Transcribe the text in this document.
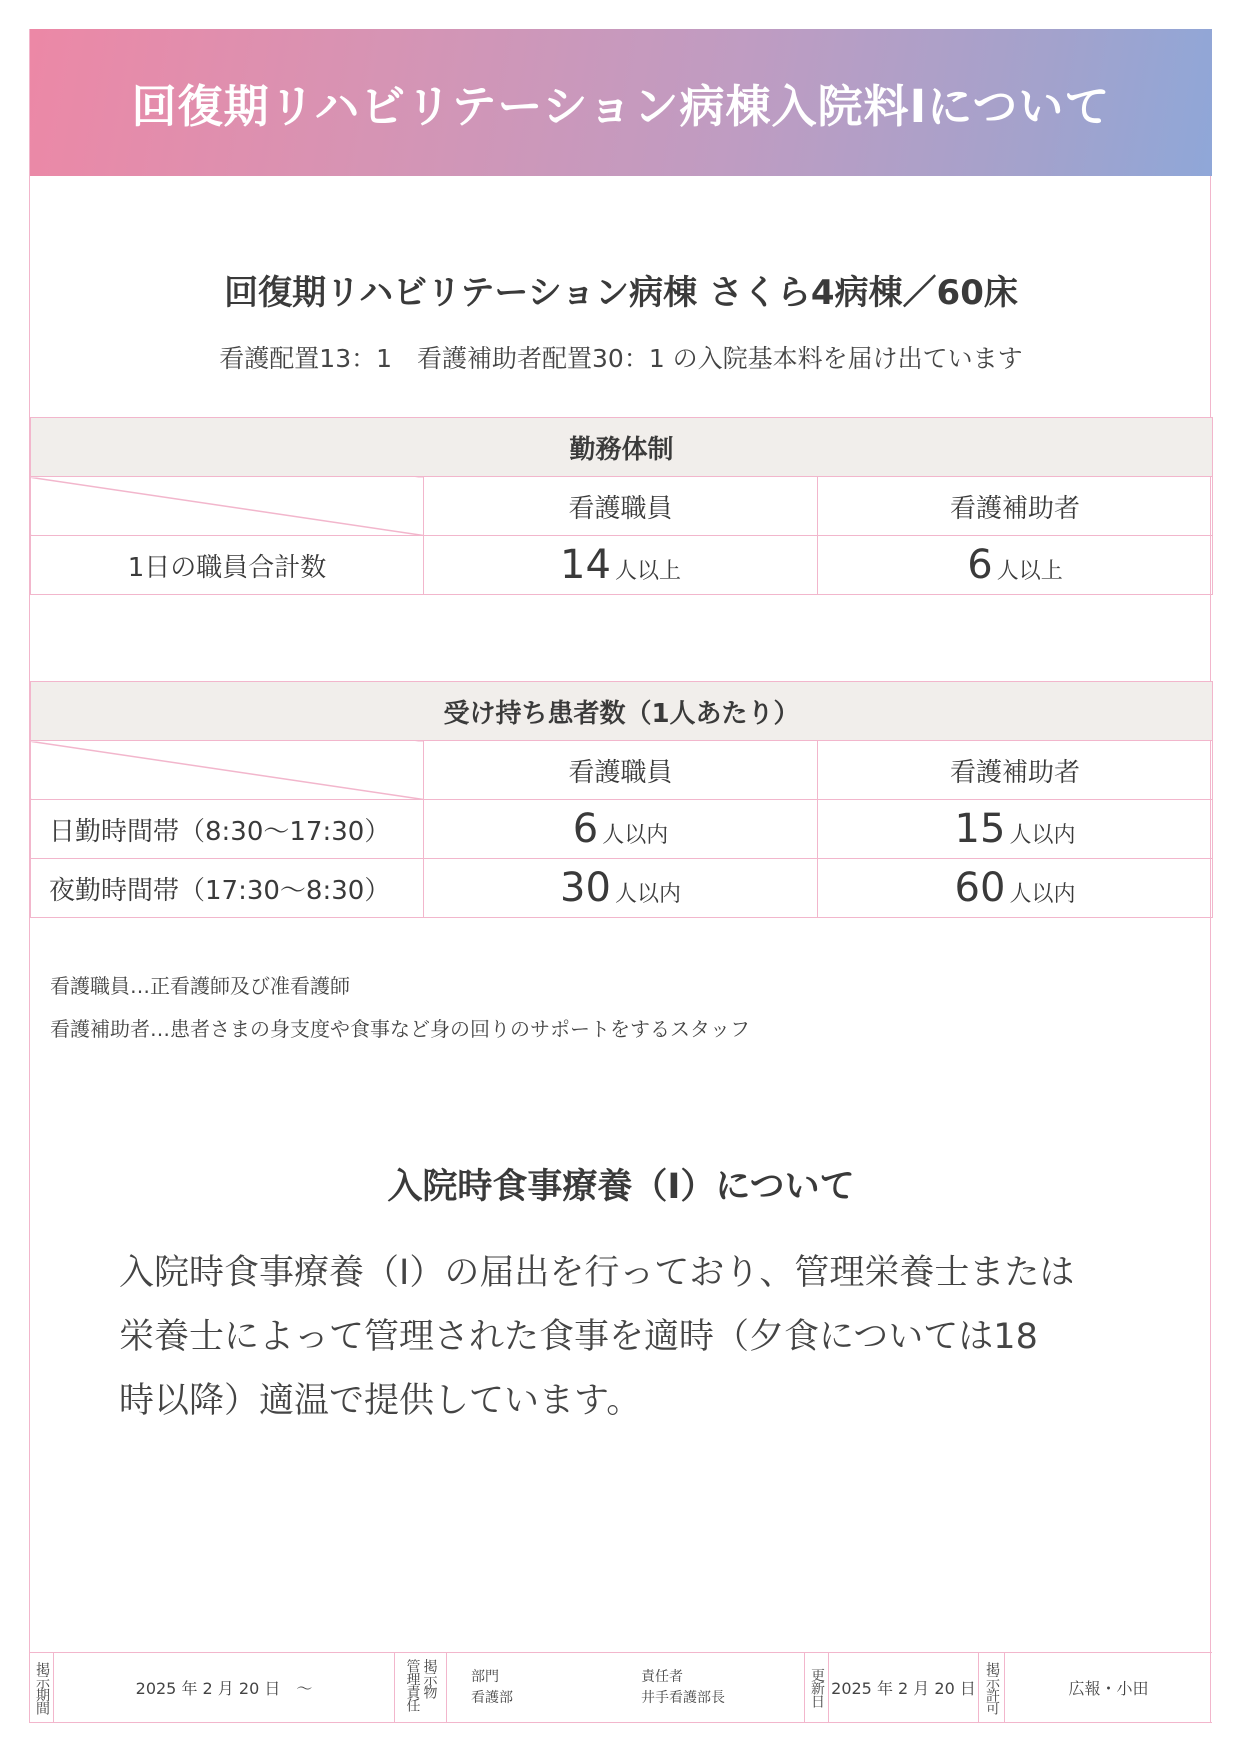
回復期リハビリテーション病棟入院料Iについて
回復期リハビリテーション病棟 さくら4病棟／60床
看護配置13：1　看護補助者配置30：1 の入院基本料を届け出ています
勤務体制		
	看護職員	看護補助者
1日の職員合計数	14 人以上	6 人以上
受け持ち患者数（1人あたり）		
	看護職員	看護補助者
日勤時間帯（8:30〜17:30）	6 人以内	15 人以内
夜勤時間帯（17:30〜8:30）	30 人以内	60 人以内
看護職員…正看護師及び准看護師
看護補助者…患者さまの身支度や食事など身の回りのサポートをするスタッフ
入院時食事療養（I）について
入院時食事療養（I）の届出を行っており、管理栄養士または
栄養士によって管理された食事を適時（夕食については18
時以降）適温で提供しています。
掲示期間	2025 年 2 月 20 日　～	管理責任 掲示物 部門
看護部
責任者
井手看護部長	更新日 2025 年 2 月 20 日 掲示許可	広報・小田
